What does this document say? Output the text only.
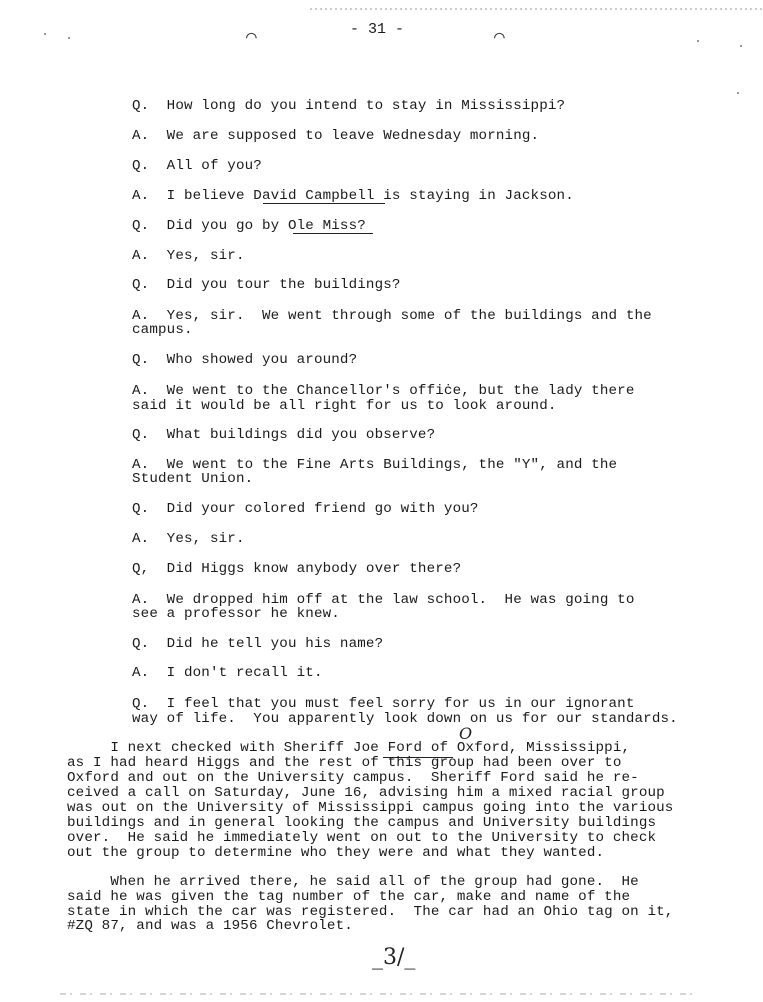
⌒	- 31 -	⌒
Q.  How long do you intend to stay in Mississippi?
A.  We are supposed to leave Wednesday morning.
Q.  All of you?
A.  I believe David Campbell is staying in Jackson.
Q.  Did you go by Ole Miss?
A.  Yes, sir.
Q.  Did you tour the buildings?
A.  Yes, sir.  We went through some of the buildings and the
campus.
Q.  Who showed you around?
A.  We went to the Chancellor's offiċe, but the lady there
said it would be all right for us to look around.
Q.  What buildings did you observe?
A.  We went to the Fine Arts Buildings, the "Y", and the
Student Union.
Q.  Did your colored friend go with you?
A.  Yes, sir.
Q,  Did Higgs know anybody over there?
A.  We dropped him off at the law school.  He was going to
see a professor he knew.
Q.  Did he tell you his name?
A.  I don't recall it.
Q.  I feel that you must feel sorry for us in our ignorant
way of life.  You apparently look down on us for our standards.
I next checked with Sheriff Joe Ford of Oxford, Mississippi,
as I had heard Higgs and the rest of this group had been over to
Oxford and out on the University campus.  Sheriff Ford said he re-
ceived a call on Saturday, June 16, advising him a mixed racial group
was out on the University of Mississippi campus going into the various
buildings and in general looking the campus and University buildings
over.  He said he immediately went on out to the University to check
out the group to determine who they were and what they wanted.
When he arrived there, he said all of the group had gone.  He
said he was given the tag number of the car, make and name of the
state in which the car was registered.  The car had an Ohio tag on it,
#ZQ 87, and was a 1956 Chevrolet.
O
_3/_
